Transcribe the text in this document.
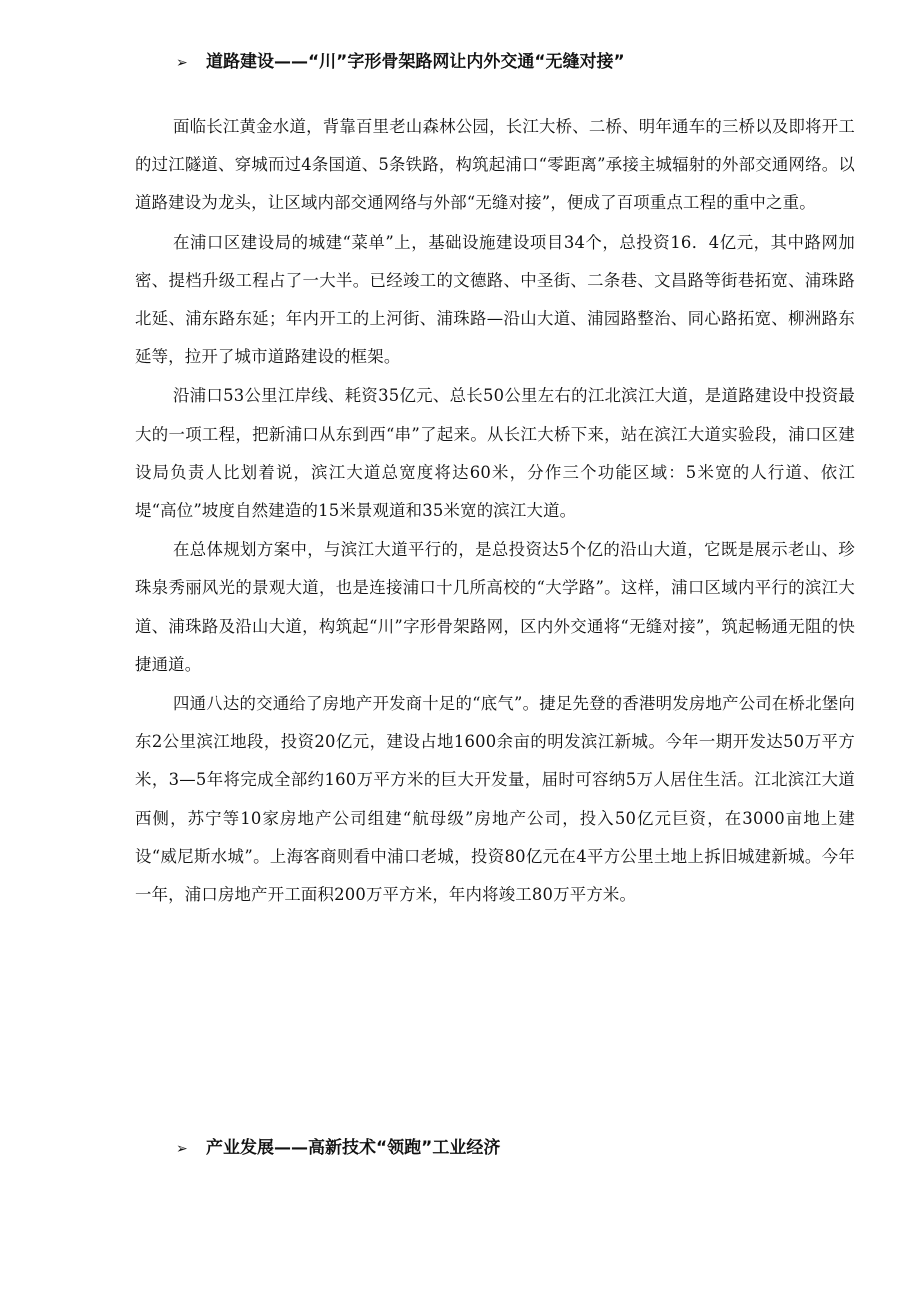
➢ 道路建设——“川”字形骨架路网让内外交通“无缝对接”

面临长江黄金水道，背靠百里老山森林公园，长江大桥、二桥、明年通车的三桥以及即将开工的过江隧道、穿城而过4条国道、5条铁路，构筑起浦口“零距离”承接主城辐射的外部交通网络。以道路建设为龙头，让区域内部交通网络与外部“无缝对接”，便成了百项重点工程的重中之重。

在浦口区建设局的城建“菜单”上，基础设施建设项目34个，总投资16．4亿元，其中路网加密、提档升级工程占了一大半。已经竣工的文德路、中圣街、二条巷、文昌路等街巷拓宽、浦珠路北延、浦东路东延；年内开工的上河街、浦珠路—沿山大道、浦园路整治、同心路拓宽、柳洲路东延等，拉开了城市道路建设的框架。

沿浦口53公里江岸线、耗资35亿元、总长50公里左右的江北滨江大道，是道路建设中投资最大的一项工程，把新浦口从东到西“串”了起来。从长江大桥下来，站在滨江大道实验段，浦口区建设局负责人比划着说，滨江大道总宽度将达60米，分作三个功能区域：5米宽的人行道、依江堤“高位”坡度自然建造的15米景观道和35米宽的滨江大道。

在总体规划方案中，与滨江大道平行的，是总投资达5个亿的沿山大道，它既是展示老山、珍珠泉秀丽风光的景观大道，也是连接浦口十几所高校的“大学路”。这样，浦口区域内平行的滨江大道、浦珠路及沿山大道，构筑起“川”字形骨架路网，区内外交通将“无缝对接”，筑起畅通无阻的快捷通道。

四通八达的交通给了房地产开发商十足的“底气”。捷足先登的香港明发房地产公司在桥北堡向东2公里滨江地段，投资20亿元，建设占地1600余亩的明发滨江新城。今年一期开发达50万平方米，3—5年将完成全部约160万平方米的巨大开发量，届时可容纳5万人居住生活。江北滨江大道西侧，苏宁等10家房地产公司组建“航母级”房地产公司，投入50亿元巨资，在3000亩地上建设“威尼斯水城”。上海客商则看中浦口老城，投资80亿元在4平方公里土地上拆旧城建新城。今年一年，浦口房地产开工面积200万平方米，年内将竣工80万平方米。

➢ 产业发展——高新技术“领跑”工业经济
